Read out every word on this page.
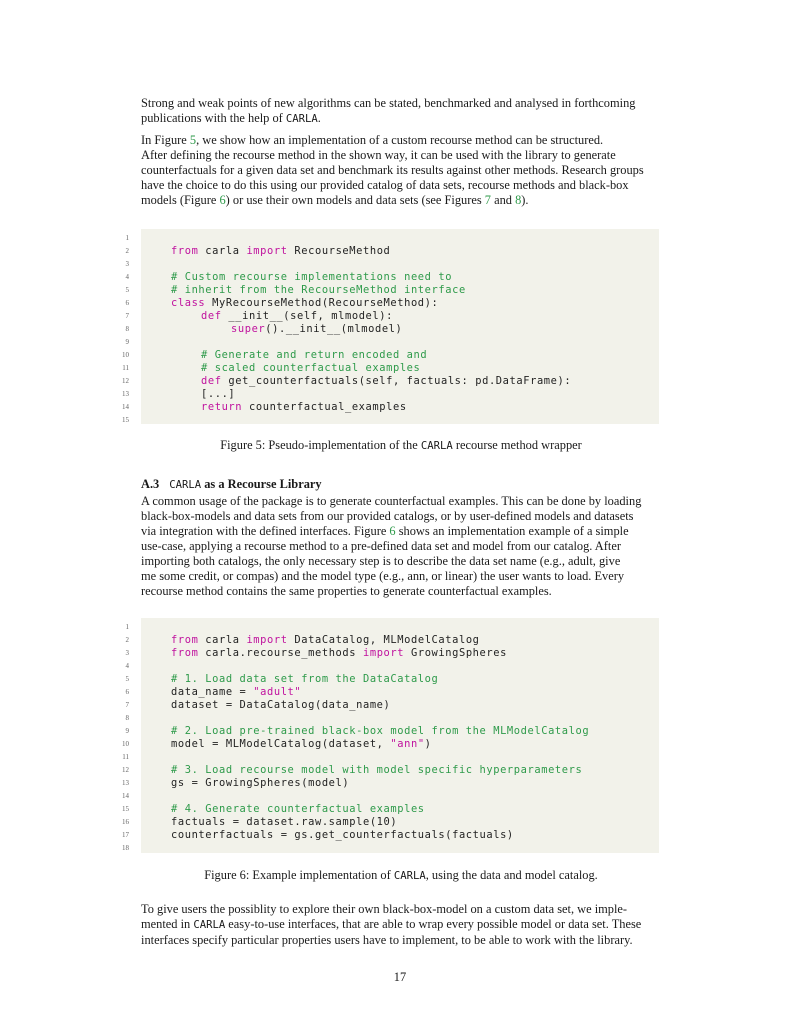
Strong and weak points of new algorithms can be stated, benchmarked and analysed in forthcoming
publications with the help of CARLA.

In Figure 5, we show how an implementation of a custom recourse method can be structured.
After defining the recourse method in the shown way, it can be used with the library to generate
counterfactuals for a given data set and benchmark its results against other methods. Research groups
have the choice to do this using our provided catalog of data sets, recourse methods and black-box
models (Figure 6) or use their own models and data sets (see Figures 7 and 8).

1
2	from carla import RecourseMethod
3
4	# Custom recourse implementations need to
5	# inherit from the RecourseMethod interface
6	class MyRecourseMethod(RecourseMethod):
7	def __init__(self, mlmodel):
8	super().__init__(mlmodel)
9
10	# Generate and return encoded and
11	# scaled counterfactual examples
12	def get_counterfactuals(self, factuals: pd.DataFrame):
13	[...]
14	return counterfactual_examples
15

Figure 5: Pseudo-implementation of the CARLA recourse method wrapper

A.3 CARLA as a Recourse Library

A common usage of the package is to generate counterfactual examples. This can be done by loading
black-box-models and data sets from our provided catalogs, or by user-defined models and datasets
via integration with the defined interfaces. Figure 6 shows an implementation example of a simple
use-case, applying a recourse method to a pre-defined data set and model from our catalog. After
importing both catalogs, the only necessary step is to describe the data set name (e.g., adult, give
me some credit, or compas) and the model type (e.g., ann, or linear) the user wants to load. Every
recourse method contains the same properties to generate counterfactual examples.

1
2	from carla import DataCatalog, MLModelCatalog
3	from carla.recourse_methods import GrowingSpheres
4
5	# 1. Load data set from the DataCatalog
6	data_name = "adult"
7	dataset = DataCatalog(data_name)
8
9	# 2. Load pre-trained black-box model from the MLModelCatalog
10	model = MLModelCatalog(dataset, "ann")
11
12	# 3. Load recourse model with model specific hyperparameters
13	gs = GrowingSpheres(model)
14
15	# 4. Generate counterfactual examples
16	factuals = dataset.raw.sample(10)
17	counterfactuals = gs.get_counterfactuals(factuals)
18

Figure 6: Example implementation of CARLA, using the data and model catalog.

To give users the possiblity to explore their own black-box-model on a custom data set, we imple-
mented in CARLA easy-to-use interfaces, that are able to wrap every possible model or data set. These
interfaces specify particular properties users have to implement, to be able to work with the library.

17
